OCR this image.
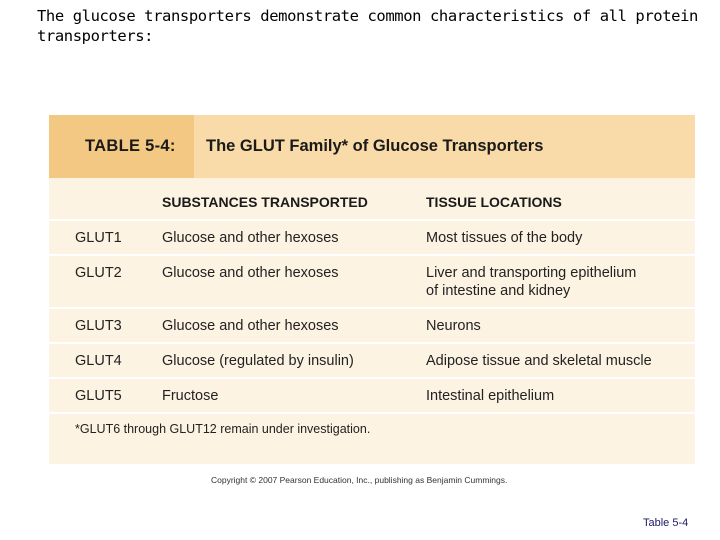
The glucose transporters demonstrate common characteristics of all protein transporters:
TABLE 5-4: The GLUT Family* of Glucose Transporters
SUBSTANCES TRANSPORTED	TISSUE LOCATIONS
GLUT1	Glucose and other hexoses	Most tissues of the body
GLUT2	Glucose and other hexoses	Liver and transporting epithelium
of intestine and kidney
GLUT3	Glucose and other hexoses	Neurons
GLUT4	Glucose (regulated by insulin)	Adipose tissue and skeletal muscle
GLUT5	Fructose	Intestinal epithelium
*GLUT6 through GLUT12 remain under investigation.
Copyright © 2007 Pearson Education, Inc., publishing as Benjamin Cummings.
Table 5-4
